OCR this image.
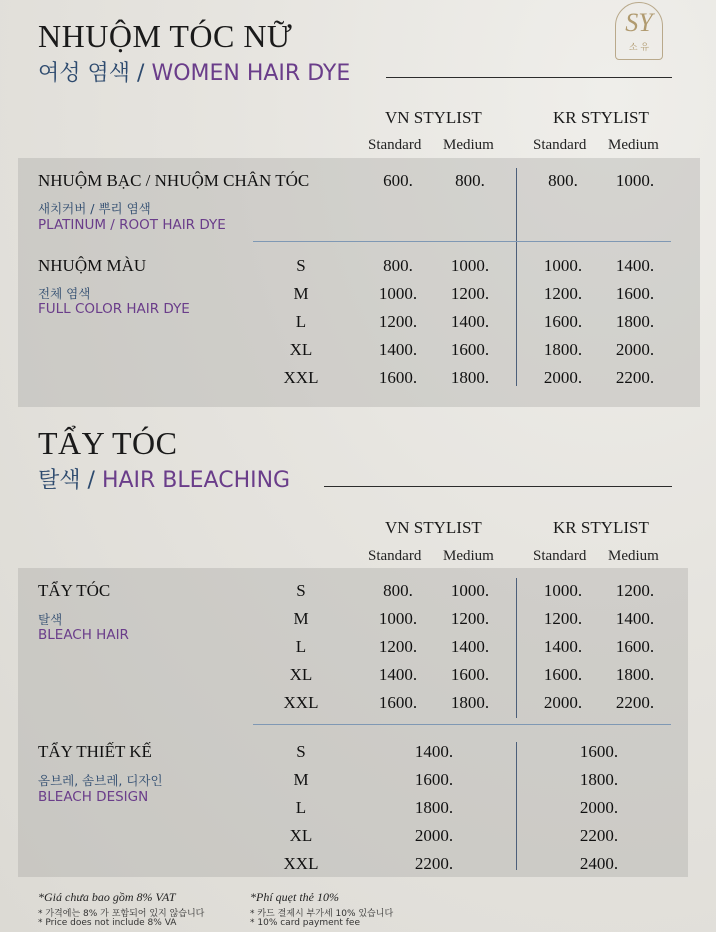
SY
소 유
NHUỘM TÓC NỮ
여성 염색 / WOMEN HAIR DYE
VN STYLIST	KR STYLIST
Standard Medium	Standard Medium
NHUỘM BẠC / NHUỘM CHÂN TÓC
새치커버 / 뿌리 염색
PLATINUM / ROOT HAIR DYE
600.	800.	800.	1000.
NHUỘM MÀU
전체 염색
FULL COLOR HAIR DYE
S	800.	1000.	1000.	1400.
M	1000.	1200.	1200.	1600.
L	1200.	1400.	1600.	1800.
XL	1400.	1600.	1800.	2000.
XXL	1600.	1800.	2000.	2200.
TẨY TÓC
탈색 / HAIR BLEACHING
VN STYLIST	KR STYLIST
Standard Medium	Standard Medium
TẨY TÓC
탈색
BLEACH HAIR
S	800.	1000.	1000.	1200.
M	1000.	1200.	1200.	1400.
L	1200.	1400.	1400.	1600.
XL	1400.	1600.	1600.	1800.
XXL	1600.	1800.	2000.	2200.
TẨY THIẾT KẾ
옴브레, 솜브레, 디자인
BLEACH DESIGN
S	1400.	1600.
M	1600.	1800.
L	1800.	2000.
XL	2000.	2200.
XXL	2200.	2400.
*Giá chưa bao gồm 8% VAT
* 가격에는 8% 가 포함되어 있지 않습니다
* Price does not include 8% VA
*Phí quẹt thẻ 10%
* 카드 결제시 부가세 10% 있습니다
* 10% card payment fee
